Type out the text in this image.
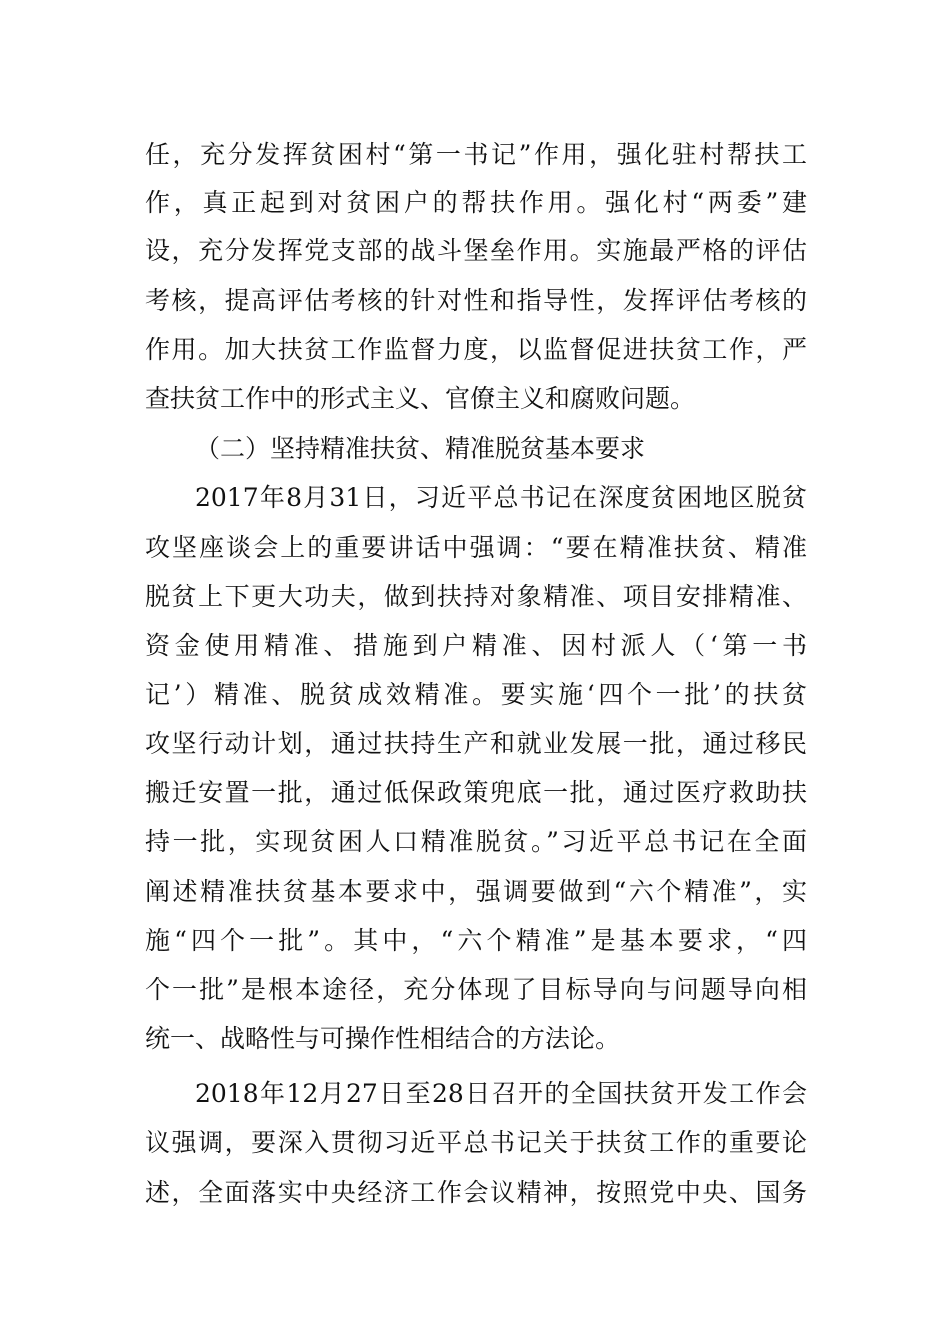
任，充分发挥贫困村“第一书记”作用，强化驻村帮扶工
作，真正起到对贫困户的帮扶作用。强化村“两委”建
设，充分发挥党支部的战斗堡垒作用。实施最严格的评估
考核，提高评估考核的针对性和指导性，发挥评估考核的
作用。加大扶贫工作监督力度，以监督促进扶贫工作，严
查扶贫工作中的形式主义、官僚主义和腐败问题。
（二）坚持精准扶贫、精准脱贫基本要求
2017年8月31日，习近平总书记在深度贫困地区脱贫
攻坚座谈会上的重要讲话中强调：“要在精准扶贫、精准
脱贫上下更大功夫，做到扶持对象精准、项目安排精准、
资金使用精准、措施到户精准、因村派人（‘第一书
记’）精准、脱贫成效精准。要实施‘四个一批’的扶贫
攻坚行动计划，通过扶持生产和就业发展一批，通过移民
搬迁安置一批，通过低保政策兜底一批，通过医疗救助扶
持一批，实现贫困人口精准脱贫。”习近平总书记在全面
阐述精准扶贫基本要求中，强调要做到“六个精准”，实
施“四个一批”。其中，“六个精准”是基本要求，“四
个一批”是根本途径，充分体现了目标导向与问题导向相
统一、战略性与可操作性相结合的方法论。
2018年12月27日至28日召开的全国扶贫开发工作会
议强调，要深入贯彻习近平总书记关于扶贫工作的重要论
述，全面落实中央经济工作会议精神，按照党中央、国务
